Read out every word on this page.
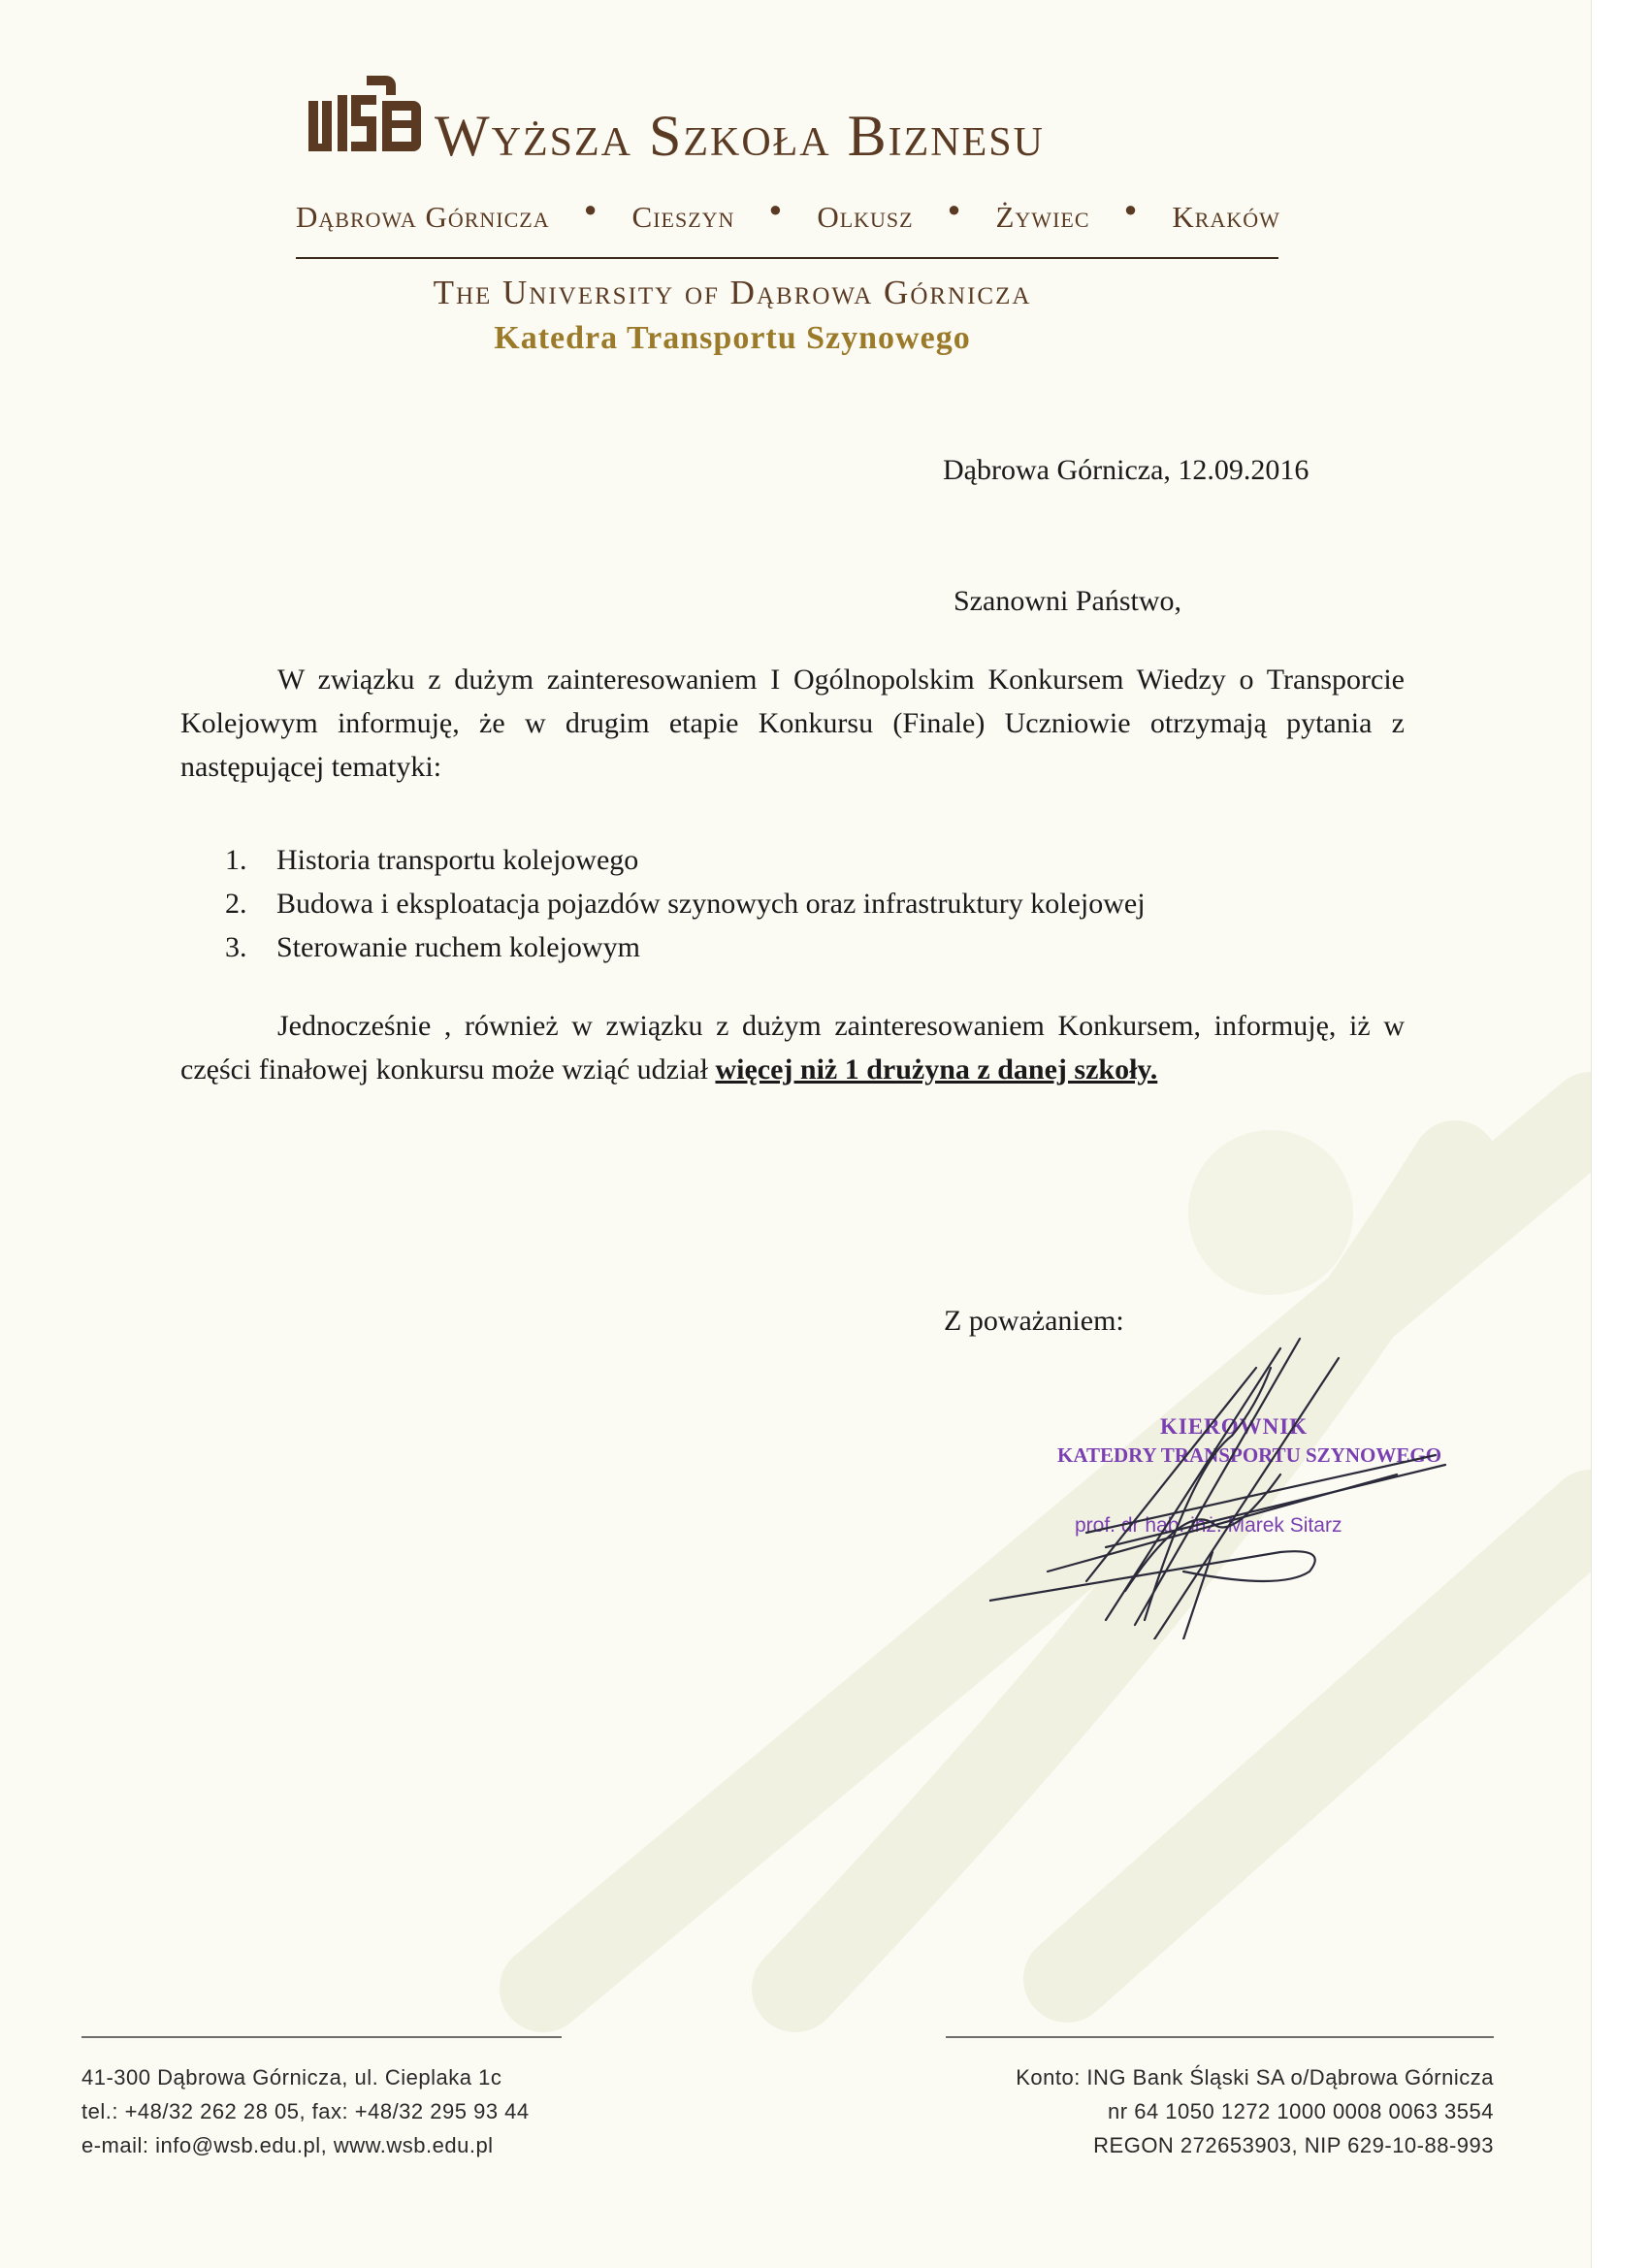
Wyższa Szkoła Biznesu
Dąbrowa Górnicza ● Cieszyn ● Olkusz ● Żywiec ● Kraków
The University of Dąbrowa Górnicza
Katedra Transportu Szynowego
Dąbrowa Górnicza, 12.09.2016
Szanowni Państwo,
W związku z dużym zainteresowaniem I Ogólnopolskim Konkursem Wiedzy o Transporcie Kolejowym informuję, że w drugim etapie Konkursu (Finale) Uczniowie otrzymają pytania z następującej tematyki:
1.	Historia transportu kolejowego
2.	Budowa i eksploatacja pojazdów szynowych oraz infrastruktury kolejowej
3.	Sterowanie ruchem kolejowym
Jednocześnie , również w związku z dużym zainteresowaniem Konkursem, informuję, iż w części finałowej konkursu może wziąć udział więcej niż 1 drużyna z danej szkoły.
Z poważaniem:
KIEROWNIK
KATEDRY TRANSPORTU SZYNOWEGO
prof. dr hab. inż. Marek Sitarz
41-300 Dąbrowa Górnicza, ul. Cieplaka 1c
tel.: +48/32 262 28 05, fax: +48/32 295 93 44
e-mail: info@wsb.edu.pl, www.wsb.edu.pl
Konto: ING Bank Śląski SA o/Dąbrowa Górnicza
nr 64 1050 1272 1000 0008 0063 3554
REGON 272653903, NIP 629-10-88-993
